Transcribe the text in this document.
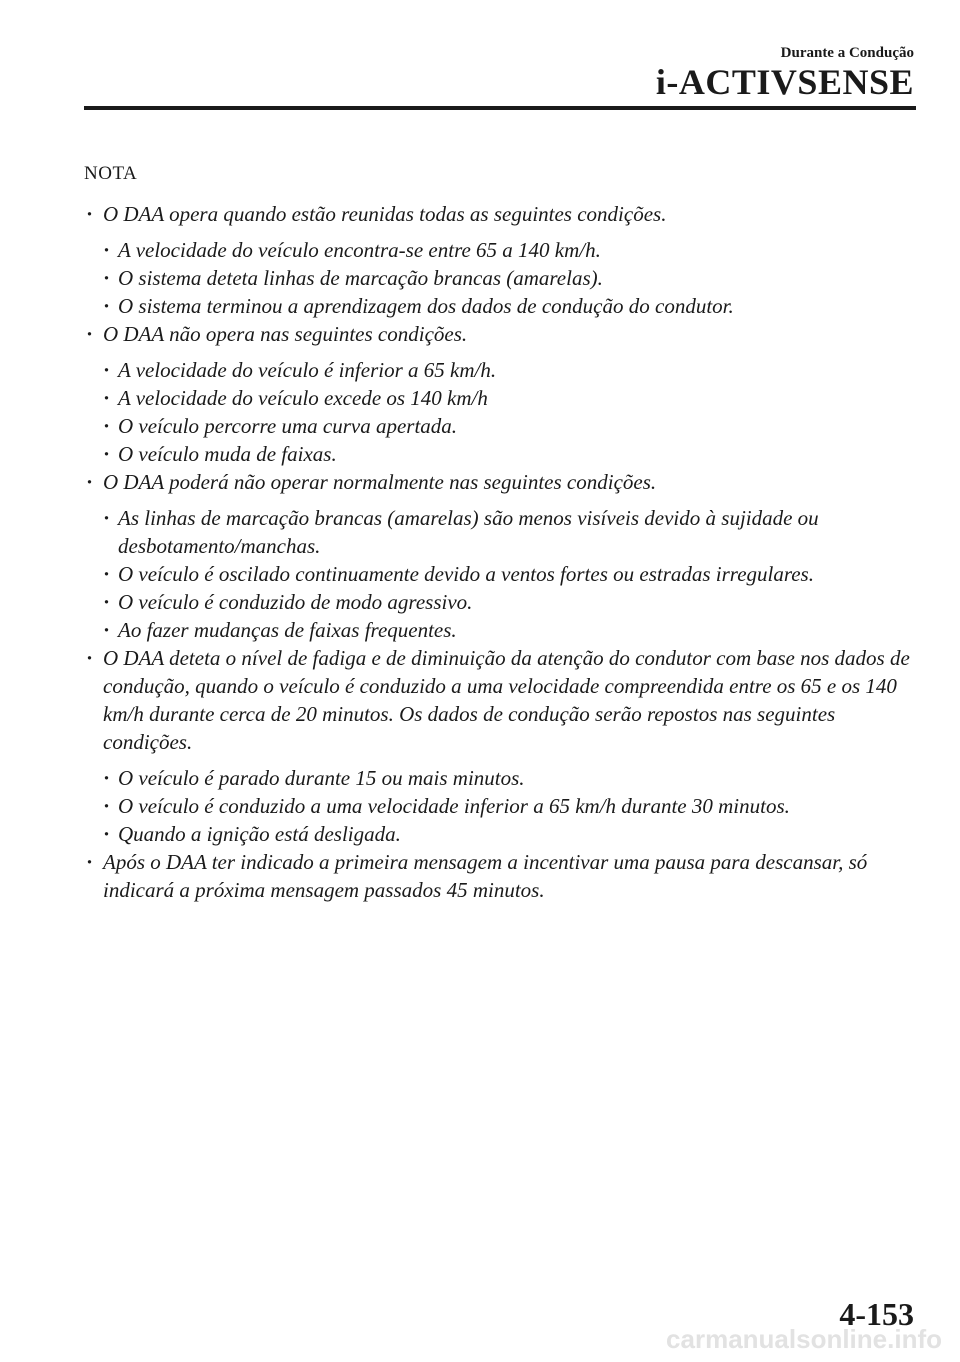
Durante a Condução
i-ACTIVSENSE
NOTA
· O DAA opera quando estão reunidas todas as seguintes condições.
· A velocidade do veículo encontra-se entre 65 a 140 km/h.
· O sistema deteta linhas de marcação brancas (amarelas).
· O sistema terminou a aprendizagem dos dados de condução do condutor.
· O DAA não opera nas seguintes condições.
· A velocidade do veículo é inferior a 65 km/h.
· A velocidade do veículo excede os 140 km/h
· O veículo percorre uma curva apertada.
· O veículo muda de faixas.
· O DAA poderá não operar normalmente nas seguintes condições.
· As linhas de marcação brancas (amarelas) são menos visíveis devido à sujidade ou desbotamento/manchas.
· O veículo é oscilado continuamente devido a ventos fortes ou estradas irregulares.
· O veículo é conduzido de modo agressivo.
· Ao fazer mudanças de faixas frequentes.
· O DAA deteta o nível de fadiga e de diminuição da atenção do condutor com base nos dados de condução, quando o veículo é conduzido a uma velocidade compreendida entre os 65 e os 140 km/h durante cerca de 20 minutos. Os dados de condução serão repostos nas seguintes condições.
· O veículo é parado durante 15 ou mais minutos.
· O veículo é conduzido a uma velocidade inferior a 65 km/h durante 30 minutos.
· Quando a ignição está desligada.
· Após o DAA ter indicado a primeira mensagem a incentivar uma pausa para descansar, só indicará a próxima mensagem passados 45 minutos.
4-153
carmanualsonline.info
